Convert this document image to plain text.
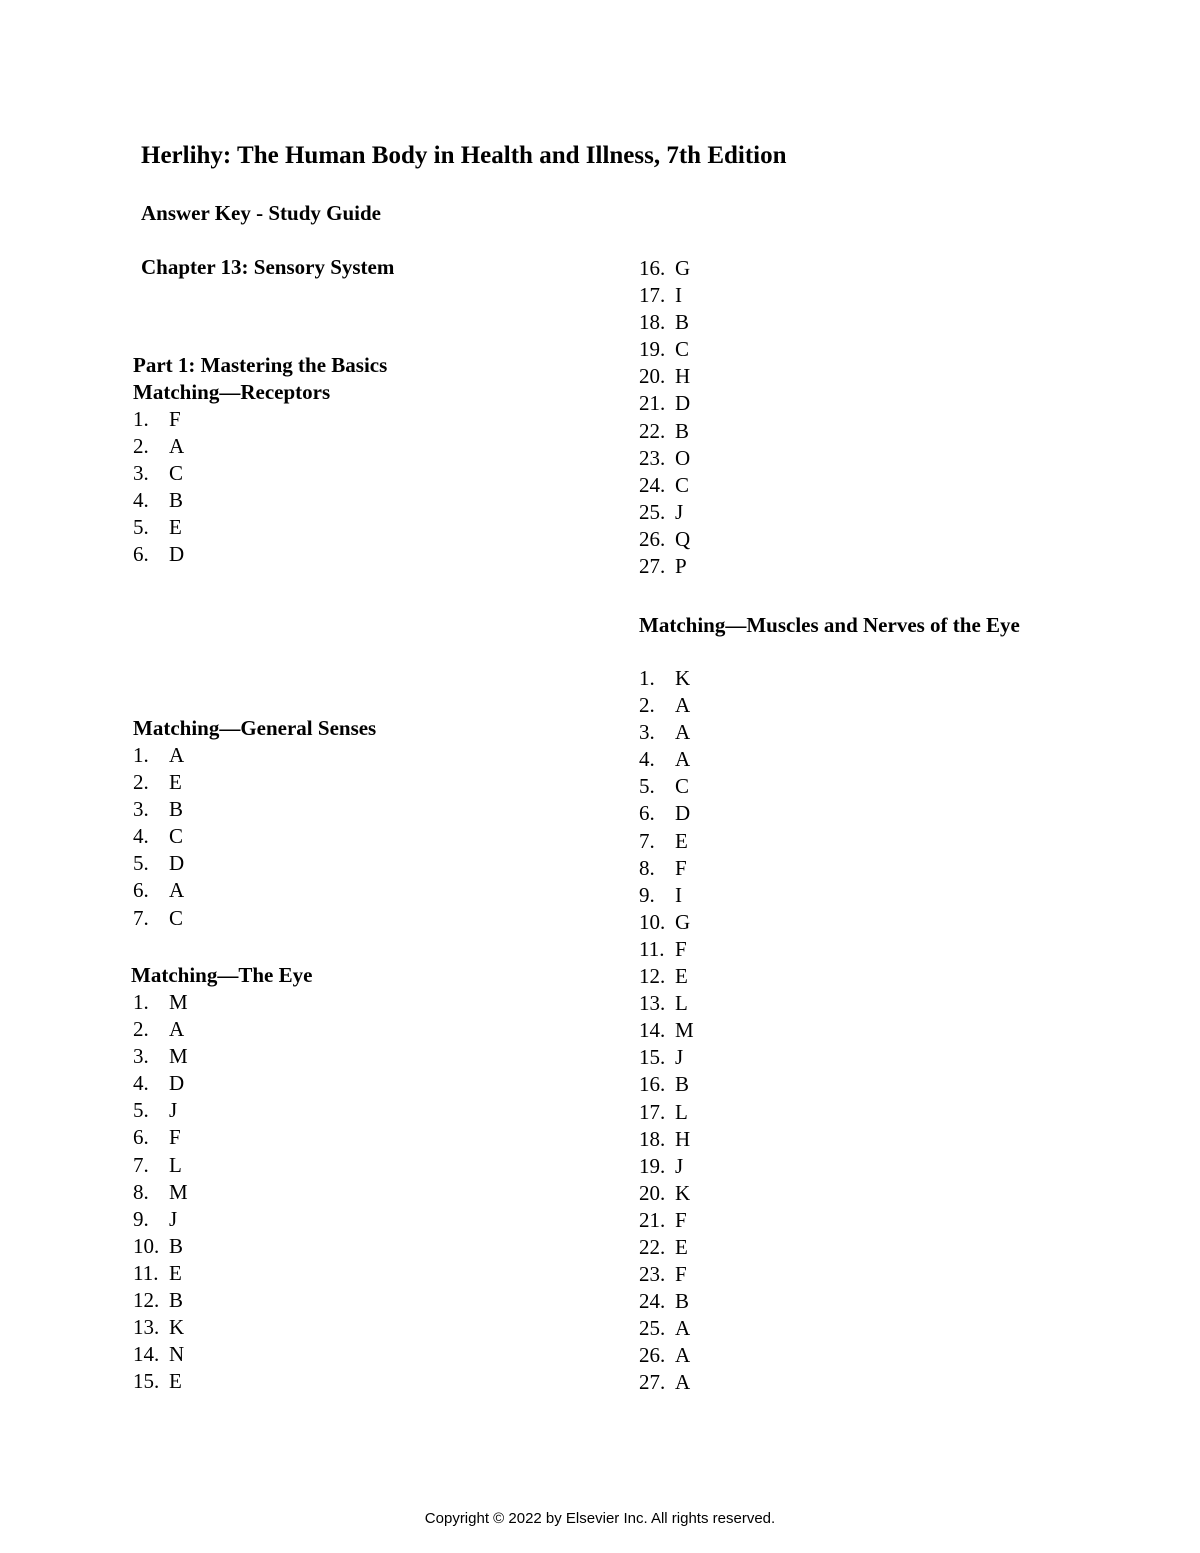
Herlihy: The Human Body in Health and Illness, 7th Edition
Answer Key - Study Guide
Chapter 13: Sensory System
Part 1: Mastering the Basics
Matching—Receptors
1. F
2. A
3. C
4. B
5. E
6. D
Matching—General Senses
1. A
2. E
3. B
4. C
5. D
6. A
7. C
Matching—The Eye
1. M
2. A
3. M
4. D
5. J
6. F
7. L
8. M
9. J
10. B
11. E
12. B
13. K
14. N
15. E
16. G
17. I
18. B
19. C
20. H
21. D
22. B
23. O
24. C
25. J
26. Q
27. P
Matching—Muscles and Nerves of the Eye
1. K
2. A
3. A
4. A
5. C
6. D
7. E
8. F
9. I
10. G
11. F
12. E
13. L
14. M
15. J
16. B
17. L
18. H
19. J
20. K
21. F
22. E
23. F
24. B
25. A
26. A
27. A
Copyright © 2022 by Elsevier Inc. All rights reserved.
